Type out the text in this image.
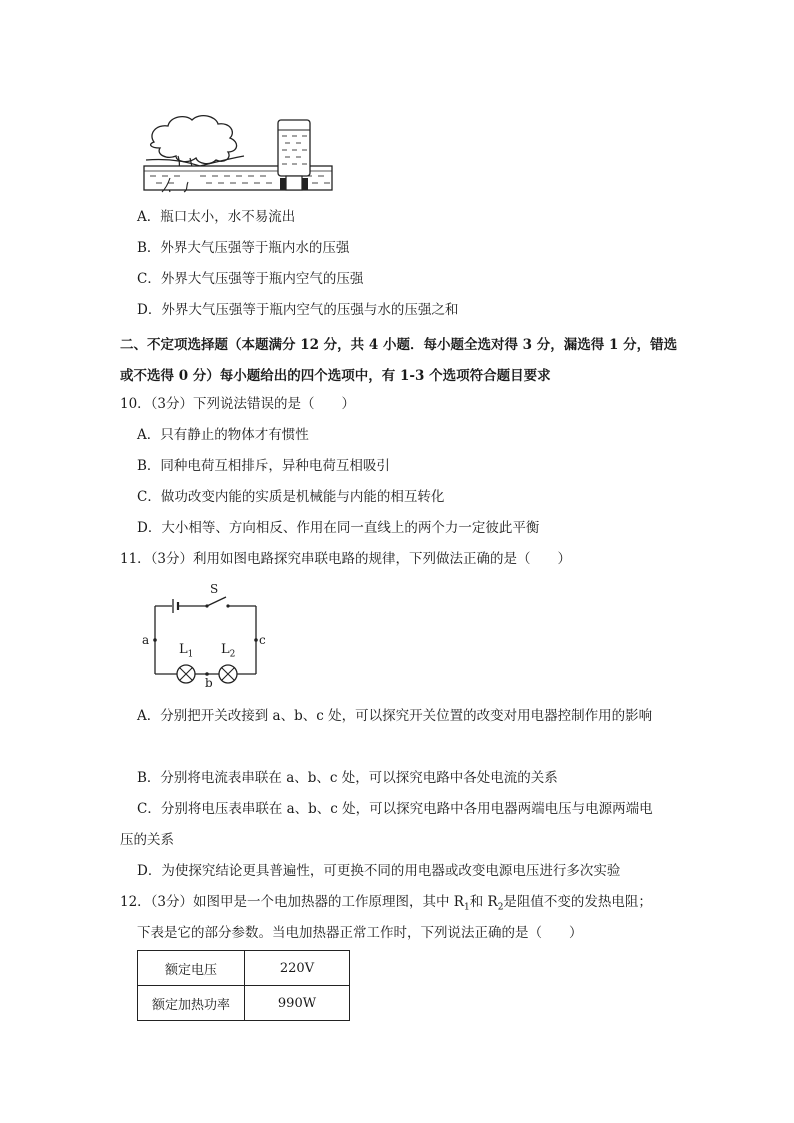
A．瓶口太小，水不易流出
B．外界大气压强等于瓶内水的压强
C．外界大气压强等于瓶内空气的压强
D．外界大气压强等于瓶内空气的压强与水的压强之和
二、不定项选择题（本题满分 12 分，共 4 小题．每小题全选对得 3 分，漏选得 1 分，错选
或不选得 0 分）每小题给出的四个选项中，有 1-3 个选项符合题目要求
10．（3分）下列说法错误的是（　　）
A．只有静止的物体才有惯性
B．同种电荷互相排斥，异种电荷互相吸引
C．做功改变内能的实质是机械能与内能的相互转化
D．大小相等、方向相反、作用在同一直线上的两个力一定彼此平衡
11．（3分）利用如图电路探究串联电路的规律，下列做法正确的是（　　）
S
a	c
b
$L_1$ $L_2$
A．分别把开关改接到 a、b、c 处，可以探究开关位置的改变对用电器控制作用的影响
B．分别将电流表串联在 a、b、c 处，可以探究电路中各处电流的关系
C．分别将电压表串联在 a、b、c 处，可以探究电路中各用电器两端电压与电源两端电
压的关系
D．为使探究结论更具普遍性，可更换不同的用电器或改变电源电压进行多次实验
12．（3分）如图甲是一个电加热器的工作原理图，其中 $R_1$和 $R_2$是阻值不变的发热电阻；
下表是它的部分参数。当电加热器正常工作时，下列说法正确的是（　　）
额定电压	220V
额定加热功率	990W
